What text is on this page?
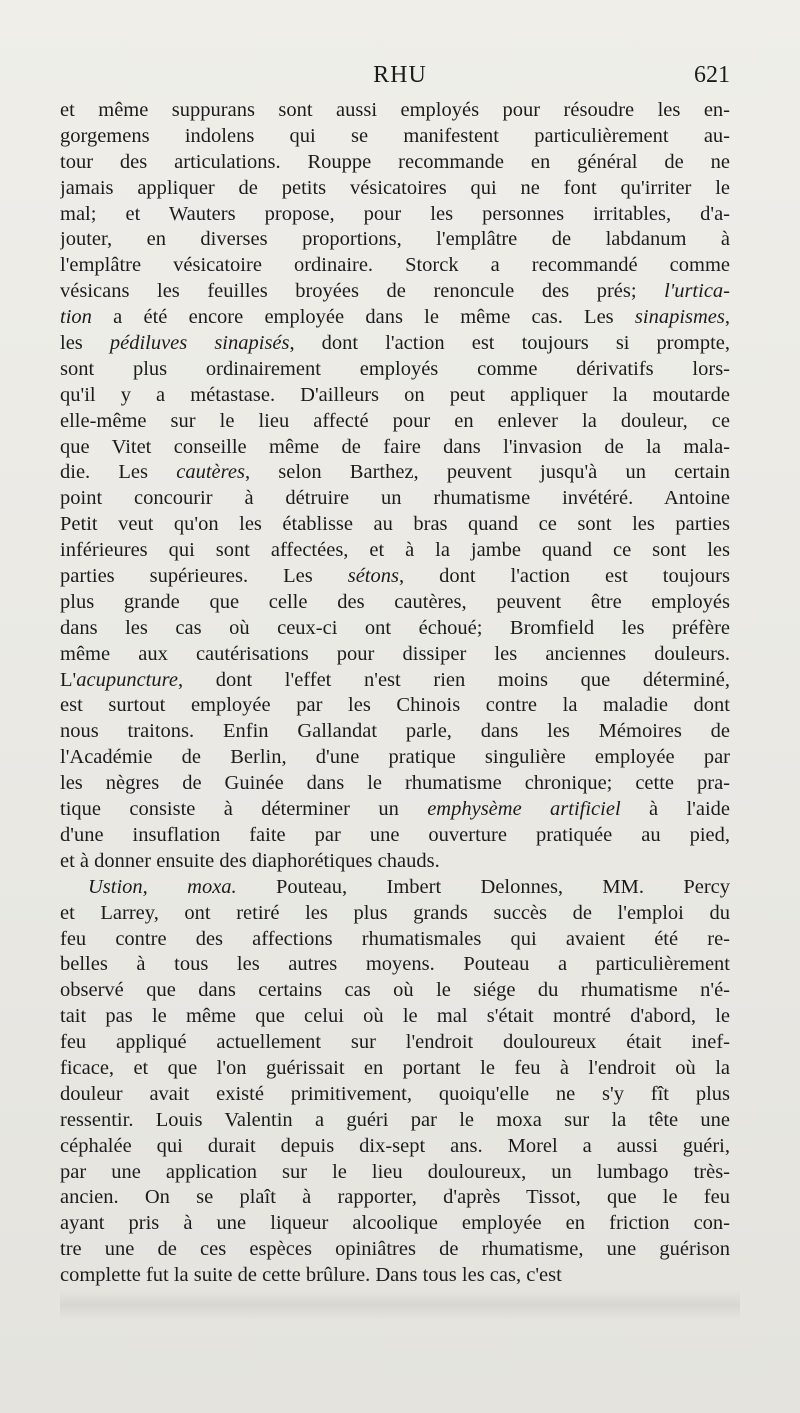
RHU	621
et même suppurans sont aussi employés pour résoudre les en-
gorgemens indolens qui se manifestent particulièrement au-
tour des articulations. Rouppe recommande en général de ne
jamais appliquer de petits vésicatoires qui ne font qu'irriter le
mal; et Wauters propose, pour les personnes irritables, d'a-
jouter, en diverses proportions, l'emplâtre de labdanum à
l'emplâtre vésicatoire ordinaire. Storck a recommandé comme
vésicans les feuilles broyées de renoncule des prés; l'urtica-
tion a été encore employée dans le même cas. Les sinapismes,
les pédiluves sinapisés, dont l'action est toujours si prompte,
sont plus ordinairement employés comme dérivatifs lors-
qu'il y a métastase. D'ailleurs on peut appliquer la moutarde
elle-même sur le lieu affecté pour en enlever la douleur, ce
que Vitet conseille même de faire dans l'invasion de la mala-
die. Les cautères, selon Barthez, peuvent jusqu'à un certain
point concourir à détruire un rhumatisme invétéré. Antoine
Petit veut qu'on les établisse au bras quand ce sont les parties
inférieures qui sont affectées, et à la jambe quand ce sont les
parties supérieures. Les sétons, dont l'action est toujours
plus grande que celle des cautères, peuvent être employés
dans les cas où ceux-ci ont échoué; Bromfield les préfère
même aux cautérisations pour dissiper les anciennes douleurs.
L'acupuncture, dont l'effet n'est rien moins que déterminé,
est surtout employée par les Chinois contre la maladie dont
nous traitons. Enfin Gallandat parle, dans les Mémoires de
l'Académie de Berlin, d'une pratique singulière employée par
les nègres de Guinée dans le rhumatisme chronique; cette pra-
tique consiste à déterminer un emphysème artificiel à l'aide
d'une insuflation faite par une ouverture pratiquée au pied,
et à donner ensuite des diaphorétiques chauds.
Ustion, moxa. Pouteau, Imbert Delonnes, MM. Percy
et Larrey, ont retiré les plus grands succès de l'emploi du
feu contre des affections rhumatismales qui avaient été re-
belles à tous les autres moyens. Pouteau a particulièrement
observé que dans certains cas où le siége du rhumatisme n'é-
tait pas le même que celui où le mal s'était montré d'abord, le
feu appliqué actuellement sur l'endroit douloureux était inef-
ficace, et que l'on guérissait en portant le feu à l'endroit où la
douleur avait existé primitivement, quoiqu'elle ne s'y fît plus
ressentir. Louis Valentin a guéri par le moxa sur la tête une
céphalée qui durait depuis dix-sept ans. Morel a aussi guéri,
par une application sur le lieu douloureux, un lumbago très-
ancien. On se plaît à rapporter, d'après Tissot, que le feu
ayant pris à une liqueur alcoolique employée en friction con-
tre une de ces espèces opiniâtres de rhumatisme, une guérison
complette fut la suite de cette brûlure. Dans tous les cas, c'est
